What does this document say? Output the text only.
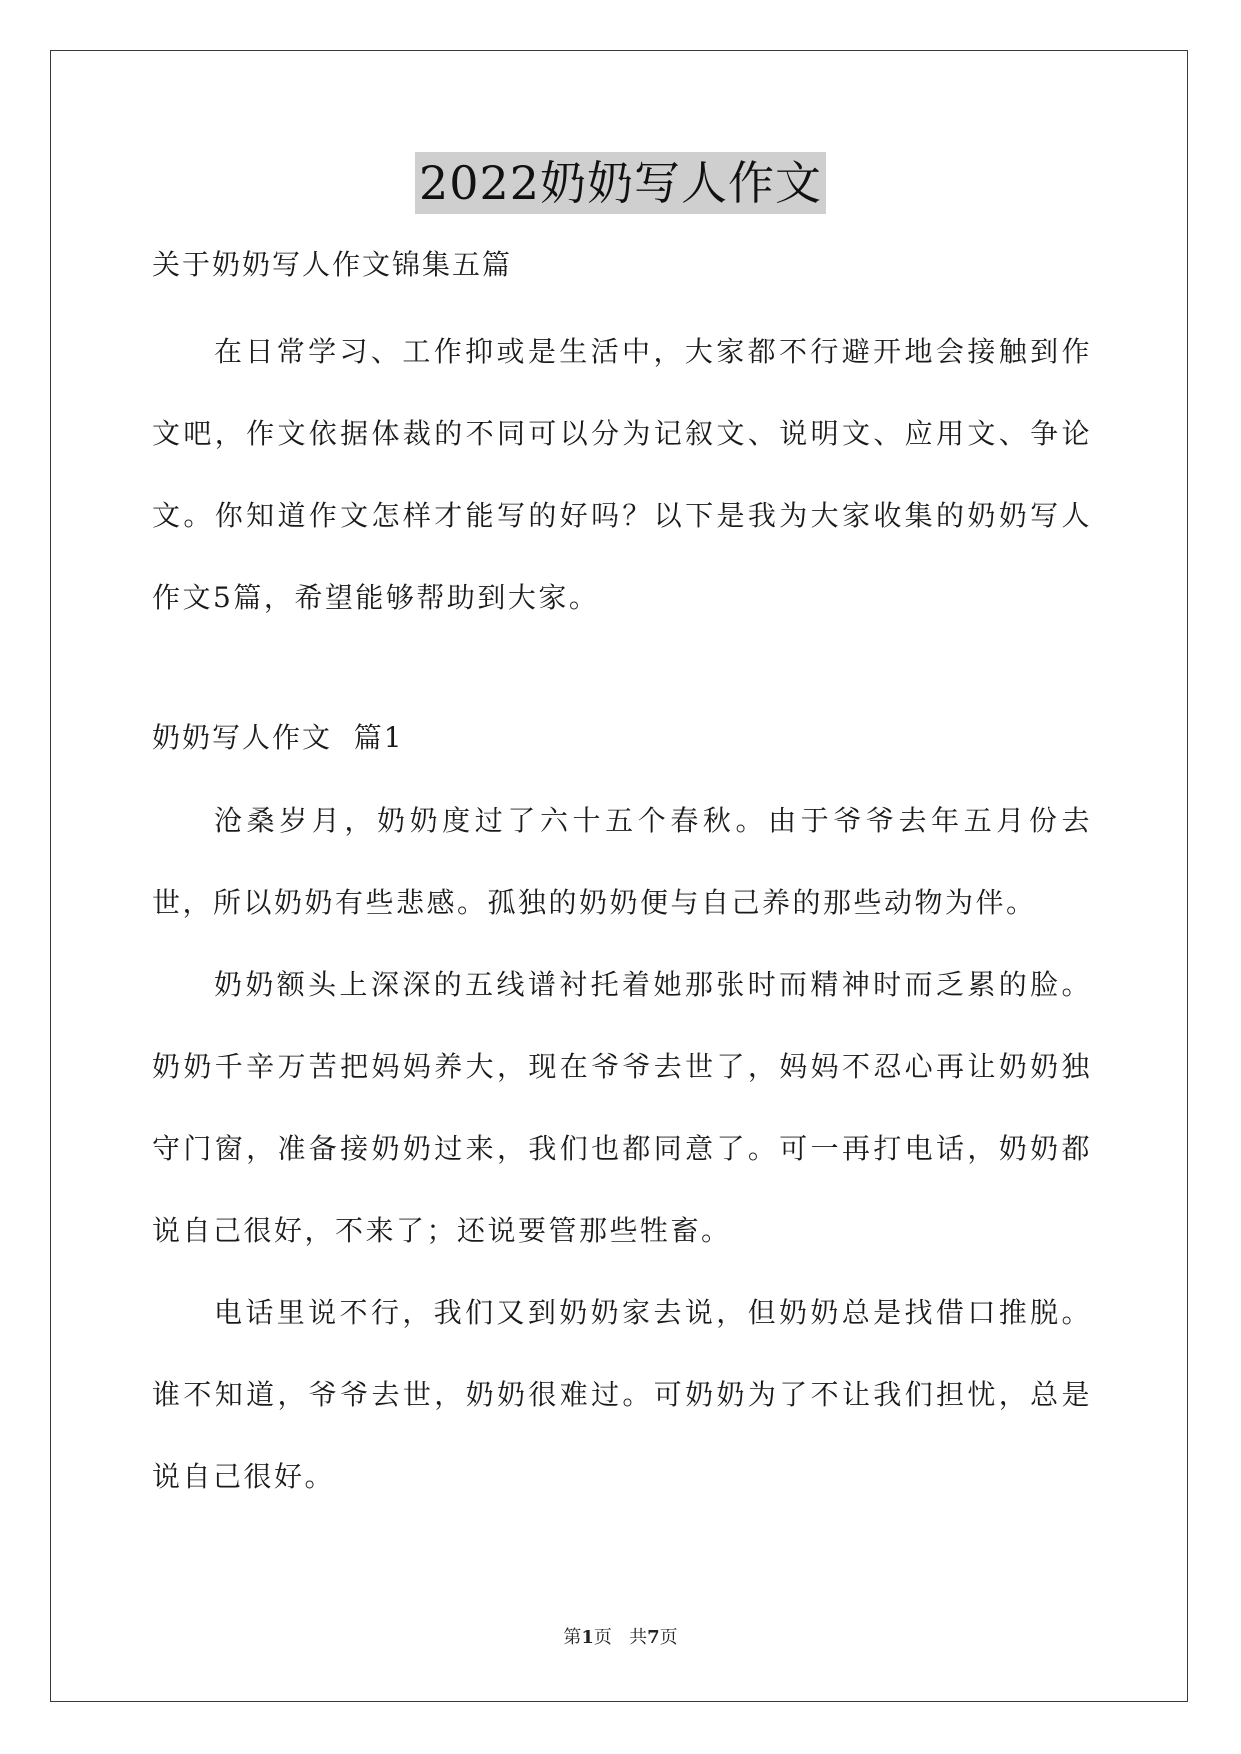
2022奶奶写人作文

关于奶奶写人作文锦集五篇

在日常学习、工作抑或是生活中，大家都不行避开地会接触到作文吧，作文依据体裁的不同可以分为记叙文、说明文、应用文、争论文。你知道作文怎样才能写的好吗？以下是我为大家收集的奶奶写人作文5篇，希望能够帮助到大家。

奶奶写人作文  篇1

沧桑岁月，奶奶度过了六十五个春秋。由于爷爷去年五月份去世，所以奶奶有些悲感。孤独的奶奶便与自己养的那些动物为伴。

奶奶额头上深深的五线谱衬托着她那张时而精神时而乏累的脸。奶奶千辛万苦把妈妈养大，现在爷爷去世了，妈妈不忍心再让奶奶独守门窗，准备接奶奶过来，我们也都同意了。可一再打电话，奶奶都说自己很好，不来了；还说要管那些牲畜。

电话里说不行，我们又到奶奶家去说，但奶奶总是找借口推脱。谁不知道，爷爷去世，奶奶很难过。可奶奶为了不让我们担忧，总是说自己很好。

第1页   共7页
